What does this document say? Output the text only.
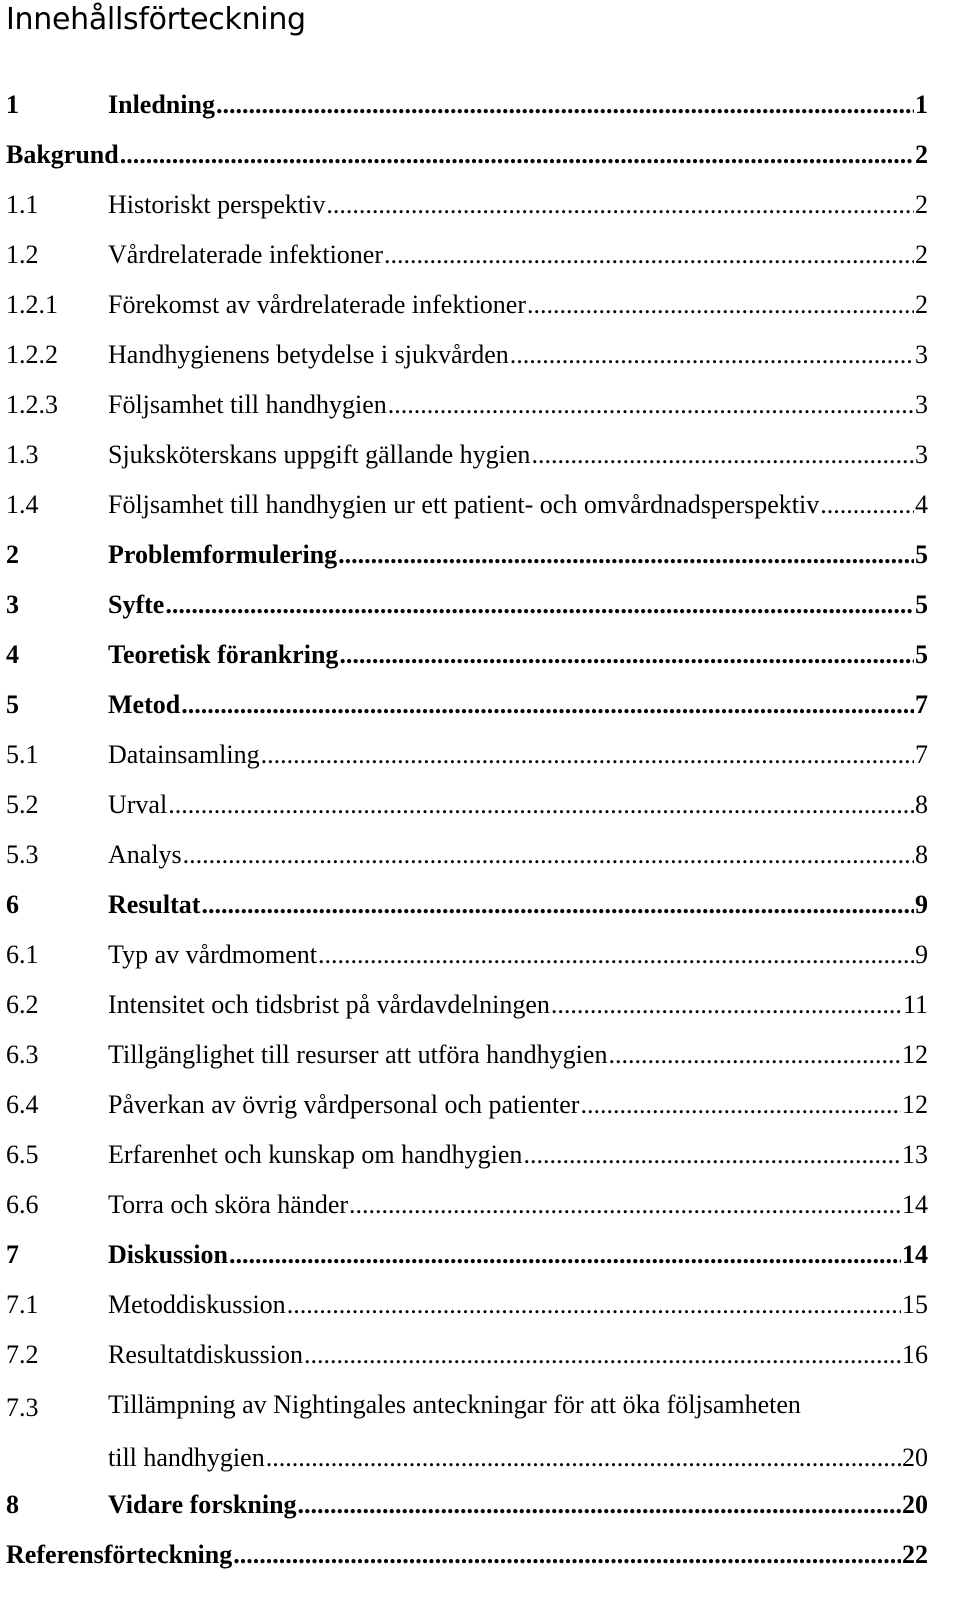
Innehållsförteckning
1	Inledning .....	1
Bakgrund .....	2
1.1	Historiskt perspektiv .....	2
1.2	Vårdrelaterade infektioner .....	2
1.2.1	Förekomst av vårdrelaterade infektioner .....	2
1.2.2	Handhygienens betydelse i sjukvården .....	3
1.2.3	Följsamhet till handhygien .....	3
1.3	Sjuksköterskans uppgift gällande hygien .....	3
1.4	Följsamhet till handhygien ur ett patient- och omvårdnadsperspektiv .....	4
2	Problemformulering .....	5
3	Syfte .....	5
4	Teoretisk förankring .....	5
5	Metod .....	7
5.1	Datainsamling .....	7
5.2	Urval .....	8
5.3	Analys .....	8
6	Resultat .....	9
6.1	Typ av vårdmoment .....	9
6.2	Intensitet och tidsbrist på vårdavdelningen .....	11
6.3	Tillgänglighet till resurser att utföra handhygien .....	12
6.4	Påverkan av övrig vårdpersonal och patienter .....	12
6.5	Erfarenhet och kunskap om handhygien .....	13
6.6	Torra och sköra händer .....	14
7	Diskussion .....	14
7.1	Metoddiskussion .....	15
7.2	Resultatdiskussion .....	16
7.3	Tillämpning av Nightingales anteckningar för att öka följsamheten
till handhygien .....	20
8	Vidare forskning .....	20
Referensförteckning .....	22
